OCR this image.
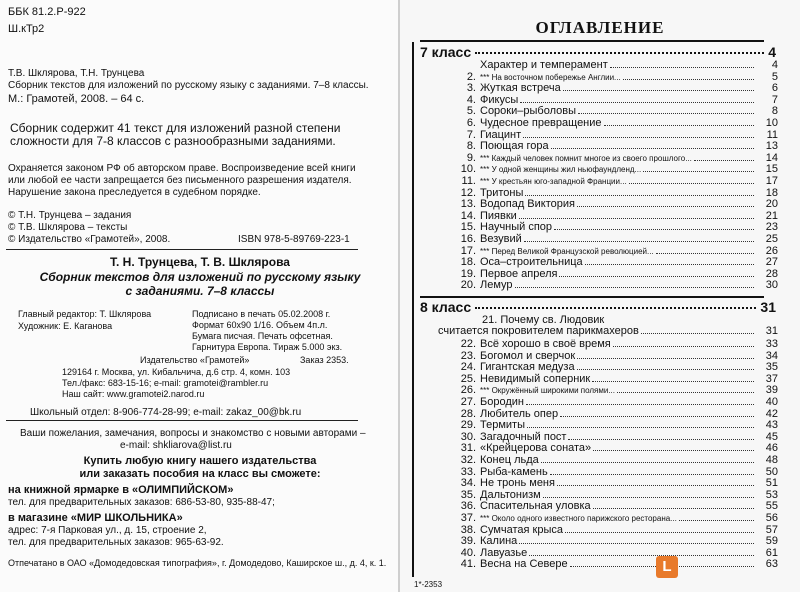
ББК 81.2.Р-922
Ш.кТр2
Т.В. Шклярова, Т.Н. Трунцева
Сборник текстов для изложений по русскому языку с заданиями. 7–8 классы.
М.: Грамотей, 2008. – 64 с.
Сборник содержит 41 текст для изложений разной степени сложности для 7-8 классов с разнообразными заданиями.
Охраняется законом РФ об авторском праве. Воспроизведение всей книги или любой ее части запрещается без письменного разрешения издателя. Нарушение закона преследуется в судебном порядке.
© Т.Н. Трунцева – задания
© Т.В. Шклярова – тексты
© Издательство «Грамотей», 2008.	ISBN 978-5-89769-223-1
Т. Н. Трунцева, Т. В. Шклярова
Сборник текстов для изложений по русскому языку
с заданиями. 7–8 классы
Главный редактор: Т. Шклярова
Художник: Е. Каганова
Подписано в печать 05.02.2008 г.
Формат 60х90 1/16. Объем 4п.л.
Бумага писчая. Печать офсетная.
Гарнитура Европа. Тираж 5.000 экз.
Издательство «Грамотей»	Заказ 2353.
129164 г. Москва, ул. Кибальчича, д.6 стр. 4, комн. 103
Тел./факс: 683-15-16; e-mail: gramotei@rambler.ru
Наш сайт: www.gramotei2.narod.ru
Школьный отдел: 8-906-774-28-99; e-mail: zakaz_00@bk.ru
Ваши пожелания, замечания, вопросы и знакомство с новыми авторами –
e-mail: shkliarova@list.ru
Купить любую книгу нашего издательства
или заказать пособия на класс вы сможете:
на книжной ярмарке в «ОЛИМПИЙСКОМ»
тел. для предварительных заказов: 686-53-80, 935-88-47;
в магазине «МИР ШКОЛЬНИКА»
адрес: 7-я Парковая ул., д. 15, строение 2,
тел. для предварительных заказов: 965-63-92.
Отпечатано в ОАО «Домодедовская типография», г. Домодедово, Каширское ш., д. 4, к. 1.
ОГЛАВЛЕНИЕ
7 класс	4
Характер и темперамент	4
2. *** На восточном побережье Англии...	5
3. Жуткая встреча	6
4. Фикусы	7
5. Сороки–рыболовы	8
6. Чудесное превращение	10
7. Гиацинт	11
8. Поющая гора	13
9. *** Каждый человек помнит многое из своего прошлого...	14
10. *** У одной женщины жил ньюфаундленд...	15
11. *** У крестьян юго-западной Франции...	17
12. Тритоны	18
13. Водопад Виктория	20
14. Пиявки	21
15. Научный спор	23
16. Везувий	25
17. *** Перед Великой Французской революцией...	26
18. Оса–строительница	27
19. Первое апреля	28
20. Лемур	30
8 класс	31
21. Почему св. Людовик
считается покровителем парикмахеров	31
22. Всё хорошо в своё время	33
23. Богомол и сверчок	34
24. Гигантская медуза	35
25. Невидимый соперник	37
26. *** Окружённый широкими полями...	39
27. Бородин	40
28. Любитель опер	42
29. Термиты	43
30. Загадочный пост	45
31. «Крейцерова соната»	46
32. Конец льда	48
33. Рыба-камень	50
34. Не тронь меня	51
35. Дальтонизм	53
36. Спасительная уловка	55
37. *** Около одного известного парижского ресторана...	56
38. Сумчатая крыса	57
39. Калина	59
40. Лавуазье	61
41. Весна на Севере	63
1*-2353
L
